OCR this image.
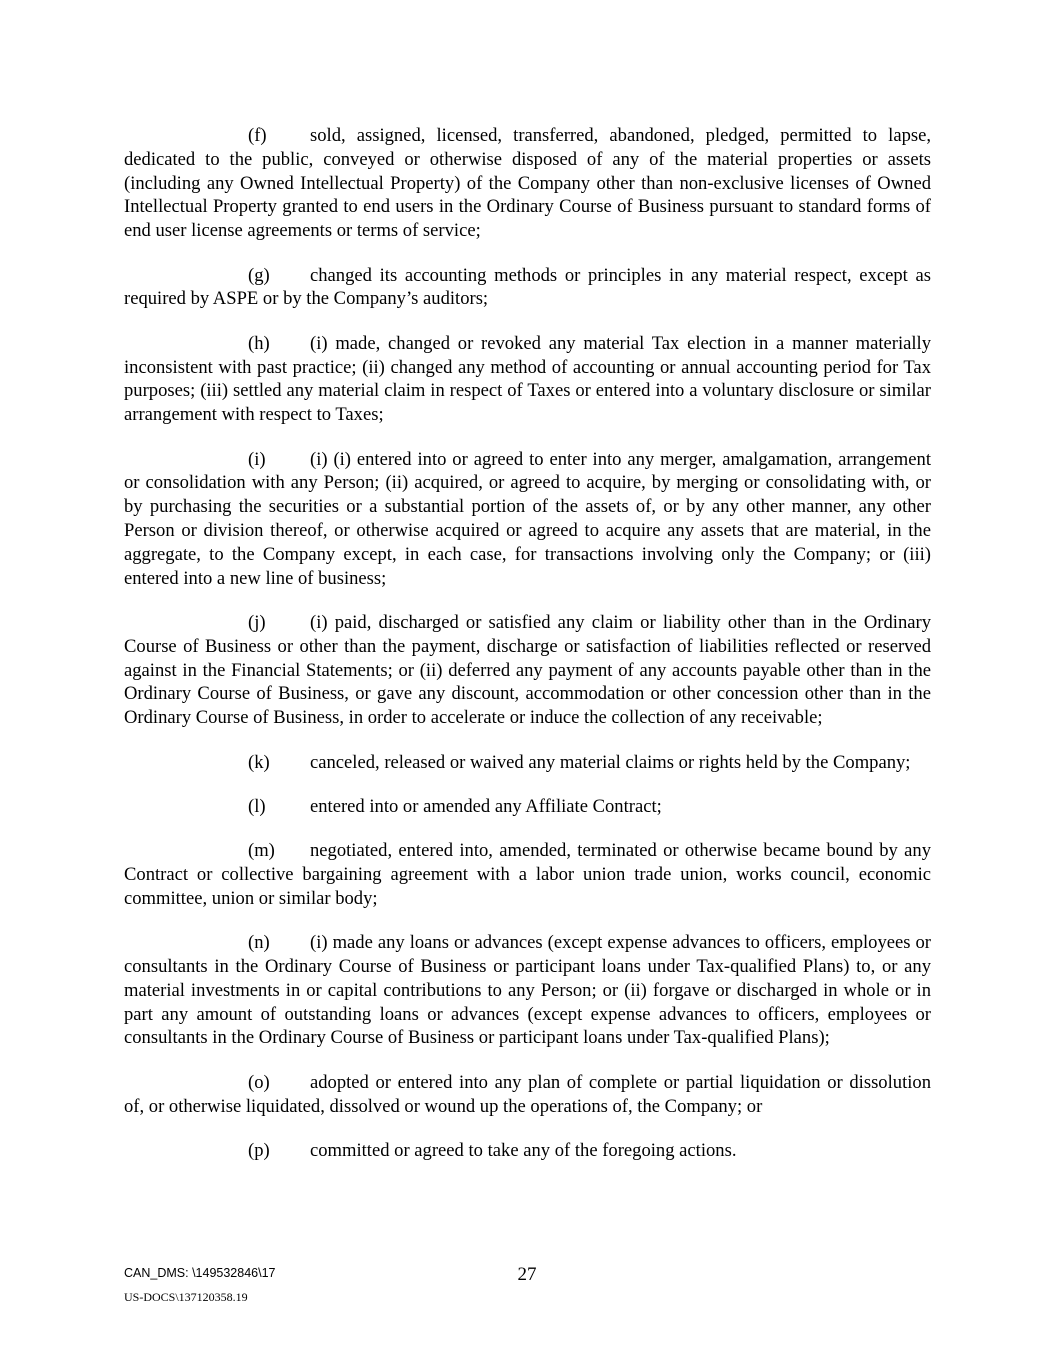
(f) sold, assigned, licensed, transferred, abandoned, pledged, permitted to lapse, dedicated to the public, conveyed or otherwise disposed of any of the material properties or assets (including any Owned Intellectual Property) of the Company other than non-exclusive licenses of Owned Intellectual Property granted to end users in the Ordinary Course of Business pursuant to standard forms of end user license agreements or terms of service;

(g) changed its accounting methods or principles in any material respect, except as required by ASPE or by the Company’s auditors;

(h) (i) made, changed or revoked any material Tax election in a manner materially inconsistent with past practice; (ii) changed any method of accounting or annual accounting period for Tax purposes; (iii) settled any material claim in respect of Taxes or entered into a voluntary disclosure or similar arrangement with respect to Taxes;

(i) (i) (i) entered into or agreed to enter into any merger, amalgamation, arrangement or consolidation with any Person; (ii) acquired, or agreed to acquire, by merging or consolidating with, or by purchasing the securities or a substantial portion of the assets of, or by any other manner, any other Person or division thereof, or otherwise acquired or agreed to acquire any assets that are material, in the aggregate, to the Company except, in each case, for transactions involving only the Company; or (iii) entered into a new line of business;

(j) (i) paid, discharged or satisfied any claim or liability other than in the Ordinary Course of Business or other than the payment, discharge or satisfaction of liabilities reflected or reserved against in the Financial Statements; or (ii) deferred any payment of any accounts payable other than in the Ordinary Course of Business, or gave any discount, accommodation or other concession other than in the Ordinary Course of Business, in order to accelerate or induce the collection of any receivable;

(k) canceled, released or waived any material claims or rights held by the Company;

(l) entered into or amended any Affiliate Contract;

(m) negotiated, entered into, amended, terminated or otherwise became bound by any Contract or collective bargaining agreement with a labor union trade union, works council, economic committee, union or similar body;

(n) (i) made any loans or advances (except expense advances to officers, employees or consultants in the Ordinary Course of Business or participant loans under Tax-qualified Plans) to, or any material investments in or capital contributions to any Person; or (ii) forgave or discharged in whole or in part any amount of outstanding loans or advances (except expense advances to officers, employees or consultants in the Ordinary Course of Business or participant loans under Tax-qualified Plans);

(o) adopted or entered into any plan of complete or partial liquidation or dissolution of, or otherwise liquidated, dissolved or wound up the operations of, the Company; or

(p) committed or agreed to take any of the foregoing actions.

CAN_DMS: \149532846\17
US-DOCS\137120358.19
27
